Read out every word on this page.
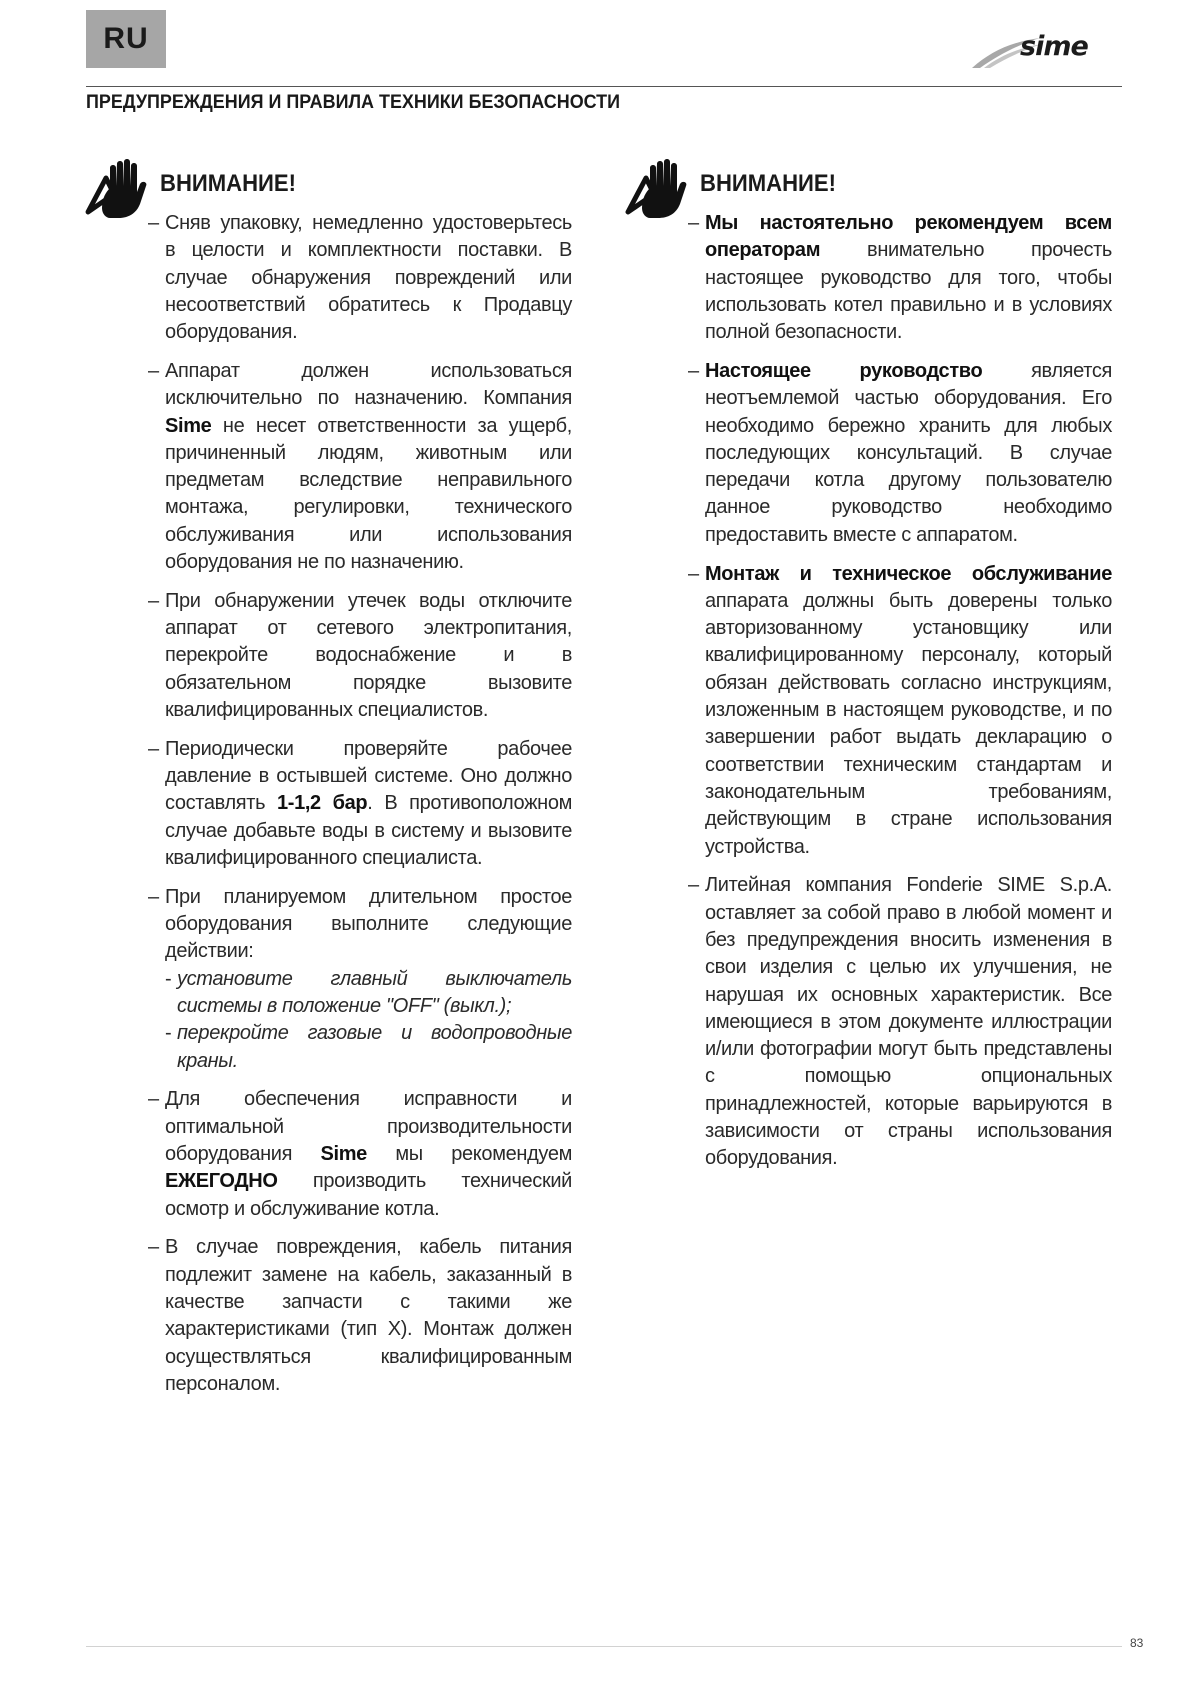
RU	sime
ПРЕДУПРЕЖДЕНИЯ И ПРАВИЛА ТЕХНИКИ БЕЗОПАСНОСТИ
ВНИМАНИЕ!
– Сняв упаковку, немедленно удостоверьтесь в целости и комплектности поставки. В случае обнаружения повреждений или несоответствий обратитесь к Продавцу оборудования.
– Аппарат должен использоваться исключительно по назначению. Компания Sime не несет ответственности за ущерб, причиненный людям, животным или предметам вследствие неправильного монтажа, регулировки, технического обслуживания или использования оборудования не по назначению.
– При обнаружении утечек воды отключите аппарат от сетевого электропитания, перекройте водоснабжение и в обязательном порядке вызовите квалифицированных специалистов.
– Периодически проверяйте рабочее давление в остывшей системе. Оно должно составлять 1-1,2 бар. В противоположном случае добавьте воды в систему и вызовите квалифицированного специалиста.
– При планируемом длительном простое оборудования выполните следующие действии:
- установите главный выключатель системы в положение "OFF" (выкл.);
- перекройте газовые и водопроводные краны.
– Для обеспечения исправности и оптимальной производительности оборудования Sime мы рекомендуем ЕЖЕГОДНО производить технический осмотр и обслуживание котла.
– В случае повреждения, кабель питания подлежит замене на кабель, заказанный в качестве запчасти с такими же характеристиками (тип X). Монтаж должен осуществляться квалифицированным персоналом.
ВНИМАНИЕ!
– Мы настоятельно рекомендуем всем операторам внимательно прочесть настоящее руководство для того, чтобы использовать котел правильно и в условиях полной безопасности.
– Настоящее руководство является неотъемлемой частью оборудования. Его необходимо бережно хранить для любых последующих консультаций. В случае передачи котла другому пользователю данное руководство необходимо предоставить вместе с аппаратом.
– Монтаж и техническое обслуживание аппарата должны быть доверены только авторизованному установщику или квалифицированному персоналу, который обязан действовать согласно инструкциям, изложенным в настоящем руководстве, и по завершении работ выдать декларацию о соответствии техническим стандартам и законодательным требованиям, действующим в стране использования устройства.
– Литейная компания Fonderie SIME S.p.A. оставляет за собой право в любой момент и без предупреждения вносить изменения в свои изделия с целью их улучшения, не нарушая их основных характеристик. Все имеющиеся в этом документе иллюстрации и/или фотографии могут быть представлены с помощью опциональных принадлежностей, которые варьируются в зависимости от страны использования оборудования.
83
